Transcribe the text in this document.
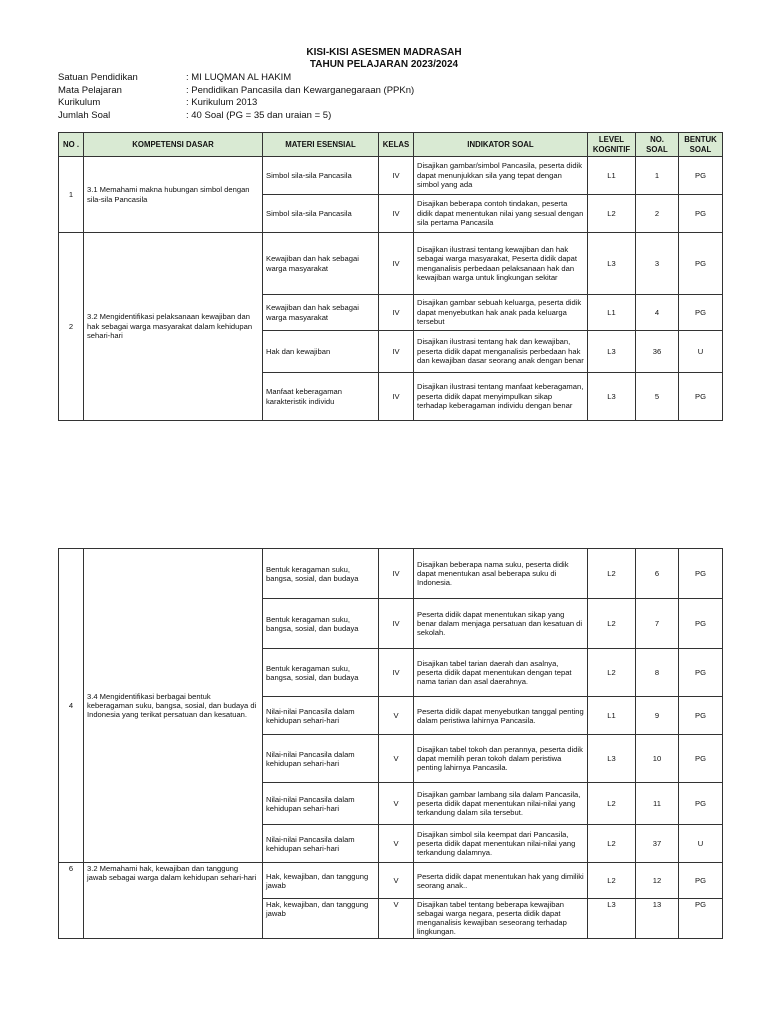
KISI-KISI ASESMEN MADRASAH
TAHUN PELAJARAN 2023/2024
Satuan Pendidikan	: MI LUQMAN AL HAKIM
Mata Pelajaran	: Pendidikan Pancasila dan Kewarganegaraan (PPKn)
Kurikulum	: Kurikulum 2013
Jumlah Soal	: 40 Soal (PG = 35 dan uraian = 5)
NO .	KOMPETENSI DASAR	MATERI ESENSIAL	KELAS	INDIKATOR SOAL	LEVEL KOGNITIF	NO. SOAL	BENTUK SOAL
1	3.1 Memahami makna hubungan simbol dengan sila-sila Pancasila	Simbol sila-sila Pancasila	IV	Disajikan gambar/simbol Pancasila, peserta didik dapat menunjukkan sila yang tepat dengan simbol yang ada	L1	1	PG
		Simbol sila-sila Pancasila	IV	Disajikan beberapa contoh tindakan, peserta didik dapat menentukan nilai yang sesual dengan sila pertama Pancasila	L2	2	PG
2	3.2 Mengidentifikasi pelaksanaan kewajiban dan hak sebagai warga masyarakat dalam kehidupan sehari-hari	Kewajiban dan hak sebagai warga masyarakat	IV	Disajikan ilustrasi tentang kewajiban dan hak sebagai warga masyarakat, Peserta didik dapat menganalisis perbedaan pelaksanaan hak dan kewajiban warga untuk lingkungan sekitar	L3	3	PG
		Kewajiban dan hak sebagai warga masyarakat	IV	Disajikan gambar sebuah keluarga, peserta didik dapat menyebutkan hak anak pada keluarga tersebut	L1	4	PG
		Hak dan kewajiban	IV	Disajikan ilustrasi tentang hak dan kewajiban, peserta didik dapat menganalisis perbedaan hak dan kewajiban dasar seorang anak dengan benar	L3	36	U
		Manfaat keberagaman karakteristik individu	IV	Disajikan ilustrasi tentang manfaat keberagaman, peserta didik dapat menyimpulkan sikap terhadap keberagaman individu dengan benar	L3	5	PG
4	3.4 Mengidentifikasi berbagai bentuk keberagaman suku, bangsa, sosial, dan budaya di Indonesia yang terikat persatuan dan kesatuan.	Bentuk keragaman suku, bangsa, sosial, dan budaya	IV	Disajikan beberapa nama suku, peserta didik dapat menentukan asal beberapa suku di Indonesia.	L2	6	PG
		Bentuk keragaman suku, bangsa, sosial, dan budaya	IV	Peserta didik dapat menentukan sikap yang benar dalam menjaga persatuan dan kesatuan di sekolah.	L2	7	PG
		Bentuk keragaman suku, bangsa, sosial, dan budaya	IV	Disajikan tabel tarian daerah dan asalnya, peserta didik dapat menentukan dengan tepat nama tarian dan asal daerahnya.	L2	8	PG
		Nilai-nilai Pancasila dalam kehidupan sehari-hari	V	Peserta didik dapat menyebutkan tanggal penting dalam peristiwa lahirnya Pancasila.	L1	9	PG
		Nilai-nilai Pancasila dalam kehidupan sehari-hari	V	Disajikan tabel tokoh dan perannya, peserta didik dapat memilih peran tokoh dalam peristiwa penting lahirnya Pancasila.	L3	10	PG
		Nilai-nilai Pancasila dalam kehidupan sehari-hari	V	Disajikan gambar lambang sila dalam Pancasila, peserta didik dapat menentukan nilai-nilai yang terkandung dalam sila tersebut.	L2	11	PG
		Nilai-nilai Pancasila dalam kehidupan sehari-hari	V	Disajikan simbol sila keempat dari Pancasila, peserta didik dapat menentukan nilai-nilai yang terkandung dalamnya.	L2	37	U
6	3.2 Memahami hak, kewajiban dan tanggung jawab sebagai warga dalam kehidupan sehari-hari	Hak, kewajiban, dan tanggung jawab	V	Peserta didik dapat menentukan hak yang dimiliki seorang anak..	L2	12	PG
		Hak, kewajiban, dan tanggung jawab	V	Disajikan tabel tentang beberapa kewajiban sebagai warga negara, peserta didik dapat menganalisis kewajiban seseorang terhadap lingkungan.	L3	13	PG
